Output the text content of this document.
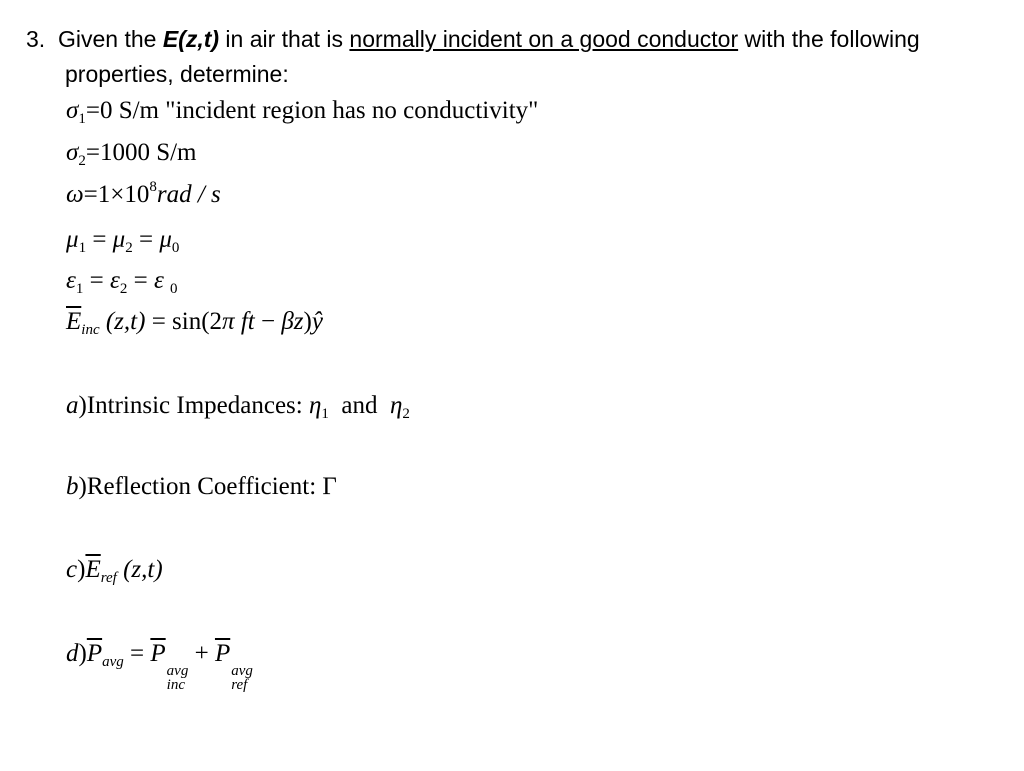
3. Given the E(z,t) in air that is normally incident on a good conductor with the following
properties, determine:
$\sigma_1=0$ S/m "incident region has no conductivity"
$\sigma_2=1000$ S/m
$\omega=1\times 10^8rad / s$
$\mu_1 = \mu_2 = \mu_0$
$\varepsilon_1 = \varepsilon_2 = \varepsilon$ $_0$
$\overline{E}_{inc}$ (z,t) = sin(2π ft − βz)ŷ
a)Intrinsic Impedances: $\eta_1$ and $\eta_2$
b)Reflection Coefficient: Γ
$c)\overline{E}_{ref}$ (z,t)
$d)\overline{P}_{avg} = \overline{P}$
avg
inc
+ $\overline{P}$
avg
ref
